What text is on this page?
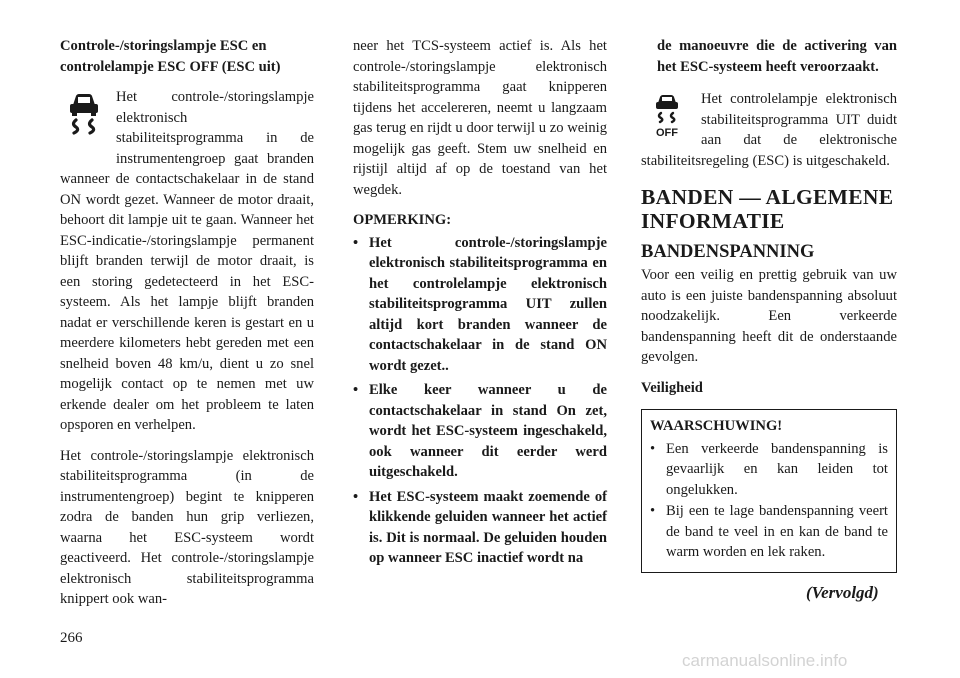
Controle-/storingslampje ESC en controlelampje ESC OFF (ESC uit)

Het controle-/storingslampje elektronisch stabiliteitsprogramma in de instrumentengroep gaat branden wanneer de contactschakelaar in de stand ON wordt gezet. Wanneer de motor draait, behoort dit lampje uit te gaan. Wanneer het ESC-indicatie-/storingslampje permanent blijft branden terwijl de motor draait, is een storing gedetecteerd in het ESC-systeem. Als het lampje blijft branden nadat er verschillende keren is gestart en u meerdere kilometers hebt gereden met een snelheid boven 48 km/u, dient u zo snel mogelijk contact op te nemen met uw erkende dealer om het probleem te laten opsporen en verhelpen.

Het controle-/storingslampje elektronisch stabiliteitsprogramma (in de instrumentengroep) begint te knipperen zodra de banden hun grip verliezen, waarna het ESC-systeem wordt geactiveerd. Het controle-/storingslampje elektronisch stabiliteitsprogramma knippert ook wan-

neer het TCS-systeem actief is. Als het controle-/storingslampje elektronisch stabiliteitsprogramma gaat knipperen tijdens het accelereren, neemt u langzaam gas terug en rijdt u door terwijl u zo weinig mogelijk gas geeft. Stem uw snelheid en rijstijl altijd af op de toestand van het wegdek.

OPMERKING:

• Het controle-/storingslampje elektronisch stabiliteitsprogramma en het controlelampje elektronisch stabiliteitsprogramma UIT zullen altijd kort branden wanneer de contactschakelaar in de stand ON wordt gezet..
• Elke keer wanneer u de contactschakelaar in stand On zet, wordt het ESC-systeem ingeschakeld, ook wanneer dit eerder werd uitgeschakeld.
• Het ESC-systeem maakt zoemende of klikkende geluiden wanneer het actief is. Dit is normaal. De geluiden houden op wanneer ESC inactief wordt na

de manoeuvre die de activering van het ESC-systeem heeft veroorzaakt.

OFF

Het controlelampje elektronisch stabiliteitsprogramma UIT duidt aan dat de elektronische stabiliteitsregeling (ESC) is uitgeschakeld.

BANDEN — ALGEMENE INFORMATIE
BANDENSPANNING

Voor een veilig en prettig gebruik van uw auto is een juiste bandenspanning absoluut noodzakelijk. Een verkeerde bandenspanning heeft dit de onderstaande gevolgen.

Veiligheid

WAARSCHUWING!
• Een verkeerde bandenspanning is gevaarlijk en kan leiden tot ongelukken.
• Bij een te lage bandenspanning veert de band te veel in en kan de band te warm worden en lek raken.
(Vervolgd)
266
carmanualsonline.info
